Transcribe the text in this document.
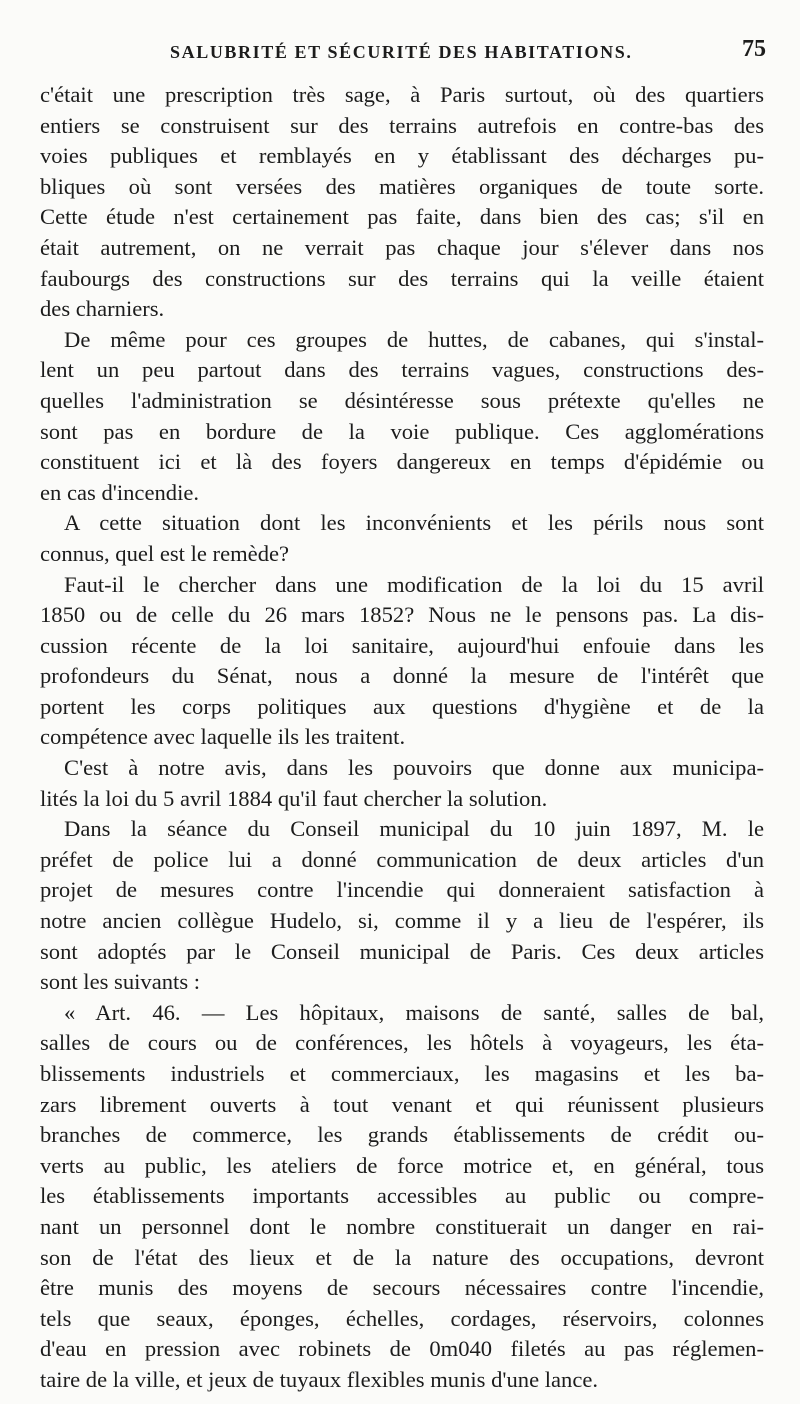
SALUBRITÉ ET SÉCURITÉ DES HABITATIONS.	75

c'était une prescription très sage, à Paris surtout, où des quartiers

entiers se construisent sur des terrains autrefois en contre-bas des

voies publiques et remblayés en y établissant des décharges pu-

bliques où sont versées des matières organiques de toute sorte.

Cette étude n'est certainement pas faite, dans bien des cas; s'il en

était autrement, on ne verrait pas chaque jour s'élever dans nos

faubourgs des constructions sur des terrains qui la veille étaient

des charniers.

De même pour ces groupes de huttes, de cabanes, qui s'instal-

lent un peu partout dans des terrains vagues, constructions des-

quelles l'administration se désintéresse sous prétexte qu'elles ne

sont pas en bordure de la voie publique. Ces agglomérations

constituent ici et là des foyers dangereux en temps d'épidémie ou

en cas d'incendie.

A cette situation dont les inconvénients et les périls nous sont

connus, quel est le remède?

Faut-il le chercher dans une modification de la loi du 15 avril

1850 ou de celle du 26 mars 1852? Nous ne le pensons pas. La dis-

cussion récente de la loi sanitaire, aujourd'hui enfouie dans les

profondeurs du Sénat, nous a donné la mesure de l'intérêt que

portent les corps politiques aux questions d'hygiène et de la

compétence avec laquelle ils les traitent.

C'est à notre avis, dans les pouvoirs que donne aux municipa-

lités la loi du 5 avril 1884 qu'il faut chercher la solution.

Dans la séance du Conseil municipal du 10 juin 1897, M. le

préfet de police lui a donné communication de deux articles d'un

projet de mesures contre l'incendie qui donneraient satisfaction à

notre ancien collègue Hudelo, si, comme il y a lieu de l'espérer, ils

sont adoptés par le Conseil municipal de Paris. Ces deux articles

sont les suivants :

« Art. 46. — Les hôpitaux, maisons de santé, salles de bal,

salles de cours ou de conférences, les hôtels à voyageurs, les éta-

blissements industriels et commerciaux, les magasins et les ba-

zars librement ouverts à tout venant et qui réunissent plusieurs

branches de commerce, les grands établissements de crédit ou-

verts au public, les ateliers de force motrice et, en général, tous

les établissements importants accessibles au public ou compre-

nant un personnel dont le nombre constituerait un danger en rai-

son de l'état des lieux et de la nature des occupations, devront

être munis des moyens de secours nécessaires contre l'incendie,

tels que seaux, éponges, échelles, cordages, réservoirs, colonnes

d'eau en pression avec robinets de 0m040 filetés au pas réglemen-

taire de la ville, et jeux de tuyaux flexibles munis d'une lance.
